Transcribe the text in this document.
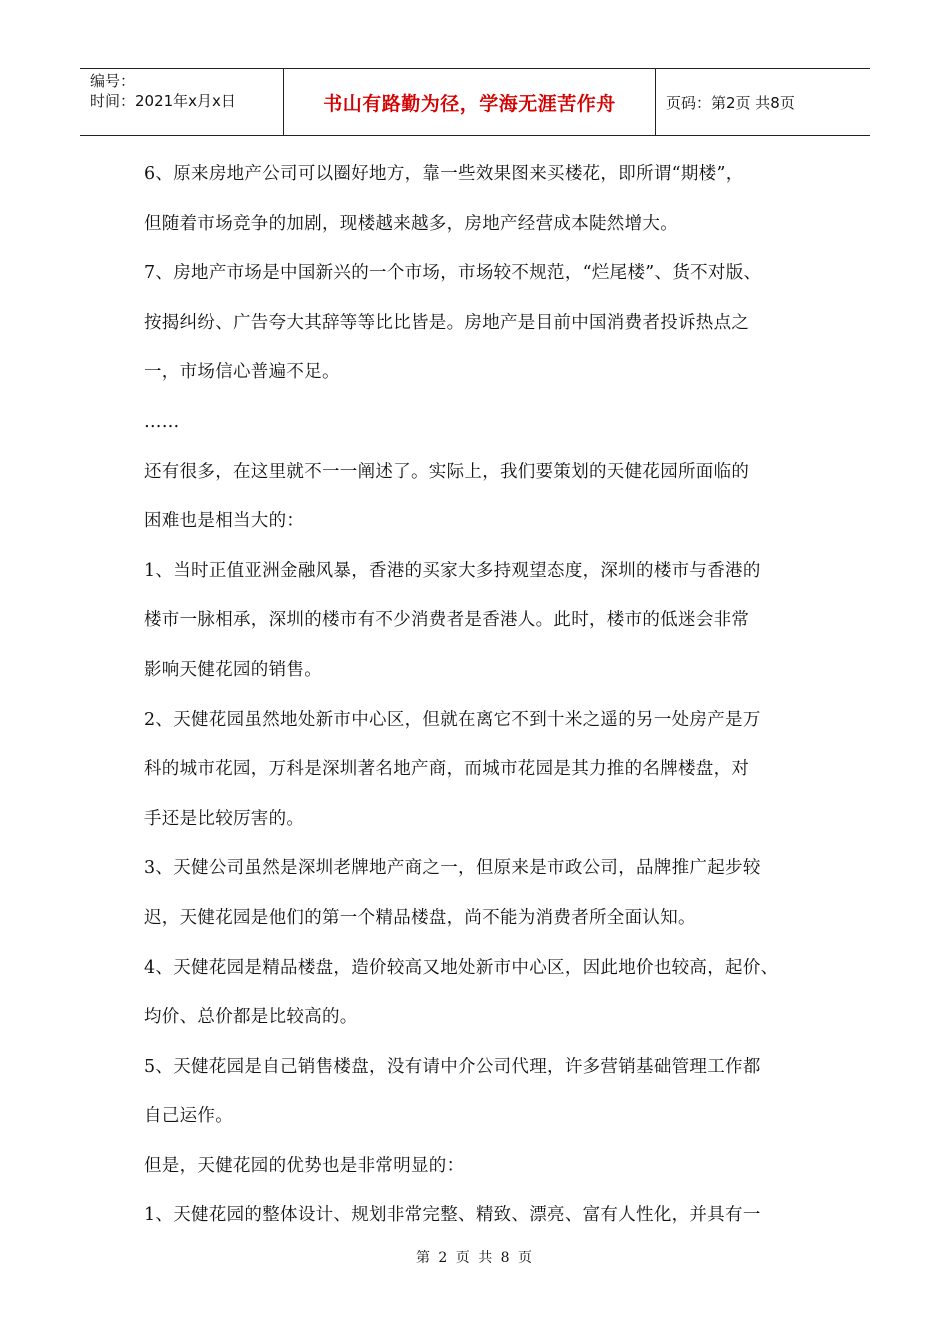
编号：
时间：2021年x月x日	书山有路勤为径，学海无涯苦作舟	页码：第2页 共8页
6、原来房地产公司可以圈好地方，靠一些效果图来买楼花，即所谓“期楼”，
但随着市场竞争的加剧，现楼越来越多，房地产经营成本陡然增大。
7、房地产市场是中国新兴的一个市场，市场较不规范，“烂尾楼”、货不对版、
按揭纠纷、广告夸大其辞等等比比皆是。房地产是目前中国消费者投诉热点之
一，市场信心普遍不足。
……
还有很多，在这里就不一一阐述了。实际上，我们要策划的天健花园所面临的
困难也是相当大的：
1、当时正值亚洲金融风暴，香港的买家大多持观望态度，深圳的楼市与香港的
楼市一脉相承，深圳的楼市有不少消费者是香港人。此时，楼市的低迷会非常
影响天健花园的销售。
2、天健花园虽然地处新市中心区，但就在离它不到十米之遥的另一处房产是万
科的城市花园，万科是深圳著名地产商，而城市花园是其力推的名牌楼盘，对
手还是比较厉害的。
3、天健公司虽然是深圳老牌地产商之一，但原来是市政公司，品牌推广起步较
迟，天健花园是他们的第一个精品楼盘，尚不能为消费者所全面认知。
4、天健花园是精品楼盘，造价较高又地处新市中心区，因此地价也较高，起价、
均价、总价都是比较高的。
5、天健花园是自己销售楼盘，没有请中介公司代理，许多营销基础管理工作都
自己运作。
但是，天健花园的优势也是非常明显的：
1、天健花园的整体设计、规划非常完整、精致、漂亮、富有人性化，并具有一
第 2 页 共 8 页
